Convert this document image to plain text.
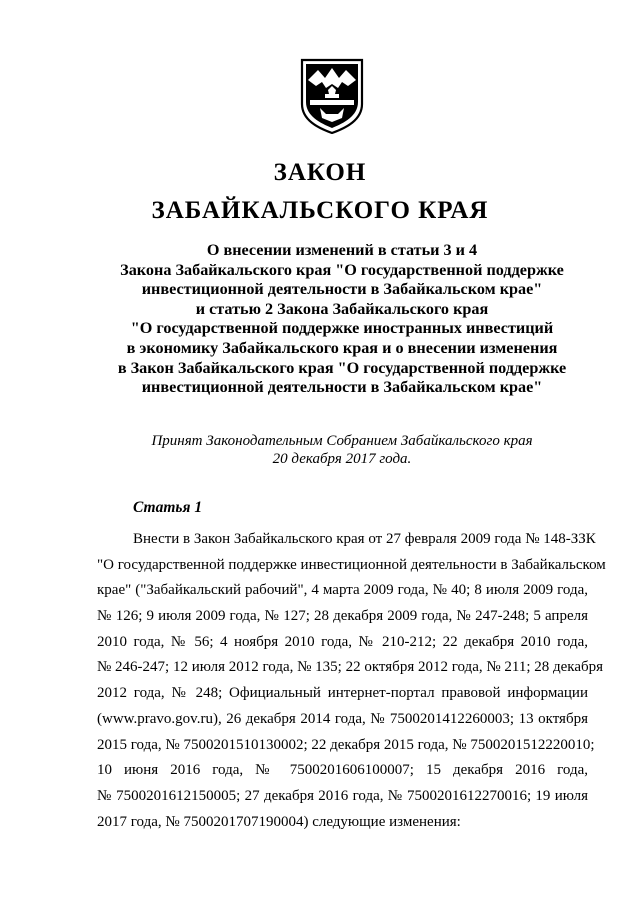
ЗАКОН
ЗАБАЙКАЛЬСКОГО КРАЯ
О внесении изменений в статьи 3 и 4
Закона Забайкальского края "О государственной поддержке
инвестиционной деятельности в Забайкальском крае"
и статью 2 Закона Забайкальского края
"О государственной поддержке иностранных инвестиций
в экономику Забайкальского края и о внесении изменения
в Закон Забайкальского края "О государственной поддержке
инвестиционной деятельности в Забайкальском крае"
Принят Законодательным Собранием Забайкальского края
20 декабря 2017 года.
Статья 1
Внести в Закон Забайкальского края от 27 февраля 2009 года № 148-ЗЗК
"О государственной поддержке инвестиционной деятельности в Забайкальском
крае" ("Забайкальский рабочий", 4 марта 2009 года, № 40; 8 июля 2009 года,
№ 126; 9 июля 2009 года, № 127; 28 декабря 2009 года, № 247-248; 5 апреля
2010 года, № 56; 4 ноября 2010 года, № 210-212; 22 декабря 2010 года,
№ 246-247; 12 июля 2012 года, № 135; 22 октября 2012 года, № 211; 28 декабря
2012 года, № 248; Официальный интернет-портал правовой информации
(www.pravo.gov.ru), 26 декабря 2014 года, № 7500201412260003; 13 октября
2015 года, № 7500201510130002; 22 декабря 2015 года, № 7500201512220010;
10 июня 2016 года, № 7500201606100007; 15 декабря 2016 года,
№ 7500201612150005; 27 декабря 2016 года, № 7500201612270016; 19 июля
2017 года, № 7500201707190004) следующие изменения:
